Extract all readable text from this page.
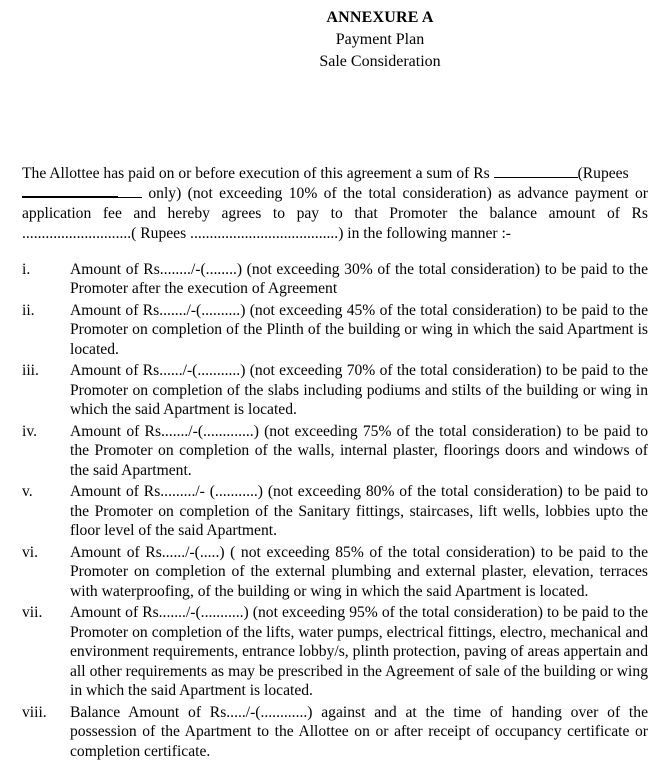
ANNEXURE A
Payment Plan
Sale Consideration

The Allottee has paid on or before execution of this agreement a sum of Rs	(Rupees
only) (not exceeding 10% of the total consideration) as advance payment or application fee and hereby agrees to pay to that Promoter the balance amount of Rs ............................( Rupees ......................................) in the following manner :-

i.	Amount of Rs......../-(........) (not exceeding 30% of the total consideration) to be paid to the Promoter after the execution of Agreement
ii.	Amount of Rs......./-(..........) (not exceeding 45% of the total consideration) to be paid to the Promoter on completion of the Plinth of the building or wing in which the said Apartment is located.
iii.	Amount of Rs....../-(...........) (not exceeding 70% of the total consideration) to be paid to the Promoter on completion of the slabs including podiums and stilts of the building or wing in which the said Apartment is located.
iv.	Amount of Rs......./-(.............) (not exceeding 75% of the total consideration) to be paid to the Promoter on completion of the walls, internal plaster, floorings doors and windows of the said Apartment.
v.	Amount of Rs........./- (...........) (not exceeding 80% of the total consideration) to be paid to the Promoter on completion of the Sanitary fittings, staircases, lift wells, lobbies upto the floor level of the said Apartment.
vi.	Amount of Rs....../-(.....) ( not exceeding 85% of the total consideration) to be paid to the Promoter on completion of the external plumbing and external plaster, elevation, terraces with waterproofing, of the building or wing in which the said Apartment is located.
vii.	Amount of Rs......./-(...........) (not exceeding 95% of the total consideration) to be paid to the Promoter on completion of the lifts, water pumps, electrical fittings, electro, mechanical and environment requirements, entrance lobby/s, plinth protection, paving of areas appertain and all other requirements as may be prescribed in the Agreement of sale of the building or wing in which the said Apartment is located.
viii.	Balance Amount of Rs...../-(............) against and at the time of handing over of the possession of the Apartment to the Allottee on or after receipt of occupancy certificate or completion certificate.
